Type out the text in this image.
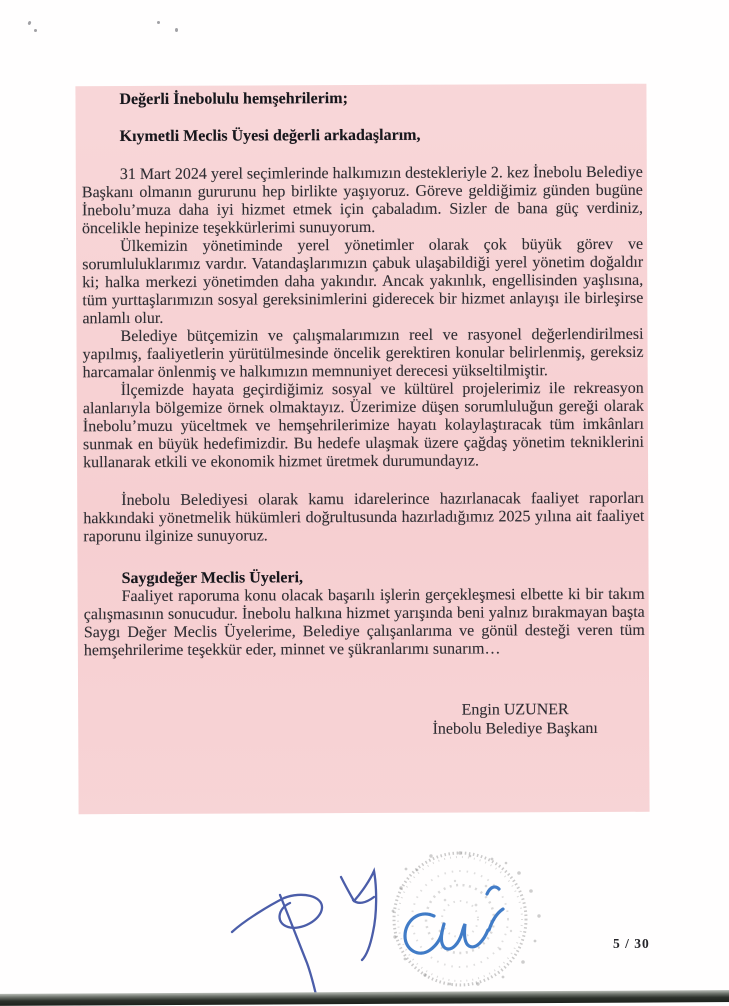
Değerli İnebolulu hemşehrilerim;

Kıymetli Meclis Üyesi değerli arkadaşlarım,

31 Mart 2024 yerel seçimlerinde halkımızın destekleriyle 2. kez İnebolu Belediye Başkanı olmanın gururunu hep birlikte yaşıyoruz. Göreve geldiğimiz günden bugüne İnebolu’muza daha iyi hizmet etmek için çabaladım. Sizler de bana güç verdiniz, öncelikle hepinize teşekkürlerimi sunuyorum.

Ülkemizin yönetiminde yerel yönetimler olarak çok büyük görev ve sorumluluklarımız vardır. Vatandaşlarımızın çabuk ulaşabildiği yerel yönetim doğaldır ki; halka merkezi yönetimden daha yakındır. Ancak yakınlık, engellisinden yaşlısına, tüm yurttaşlarımızın sosyal gereksinimlerini giderecek bir hizmet anlayışı ile birleşirse anlamlı olur.

Belediye bütçemizin ve çalışmalarımızın reel ve rasyonel değerlendirilmesi yapılmış, faaliyetlerin yürütülmesinde öncelik gerektiren konular belirlenmiş, gereksiz harcamalar önlenmiş ve halkımızın memnuniyet derecesi yükseltilmiştir.

İlçemizde hayata geçirdiğimiz sosyal ve kültürel projelerimiz ile rekreasyon alanlarıyla bölgemize örnek olmaktayız. Üzerimize düşen sorumluluğun gereği olarak İnebolu’muzu yüceltmek ve hemşehrilerimize hayatı kolaylaştıracak tüm imkânları sunmak en büyük hedefimizdir. Bu hedefe ulaşmak üzere çağdaş yönetim tekniklerini kullanarak etkili ve ekonomik hizmet üretmek durumundayız.

İnebolu Belediyesi olarak kamu idarelerince hazırlanacak faaliyet raporları hakkındaki yönetmelik hükümleri doğrultusunda hazırladığımız 2025 yılına ait faaliyet raporunu ilginize sunuyoruz.

Saygıdeğer Meclis Üyeleri,

Faaliyet raporuma konu olacak başarılı işlerin gerçekleşmesi elbette ki bir takım çalışmasının sonucudur. İnebolu halkına hizmet yarışında beni yalnız bırakmayan başta Saygı Değer Meclis Üyelerime, Belediye çalışanlarıma ve gönül desteği veren tüm hemşehrilerime teşekkür eder, minnet ve şükranlarımı sunarım…

Engin UZUNER
İnebolu Belediye Başkanı
5 / 30
